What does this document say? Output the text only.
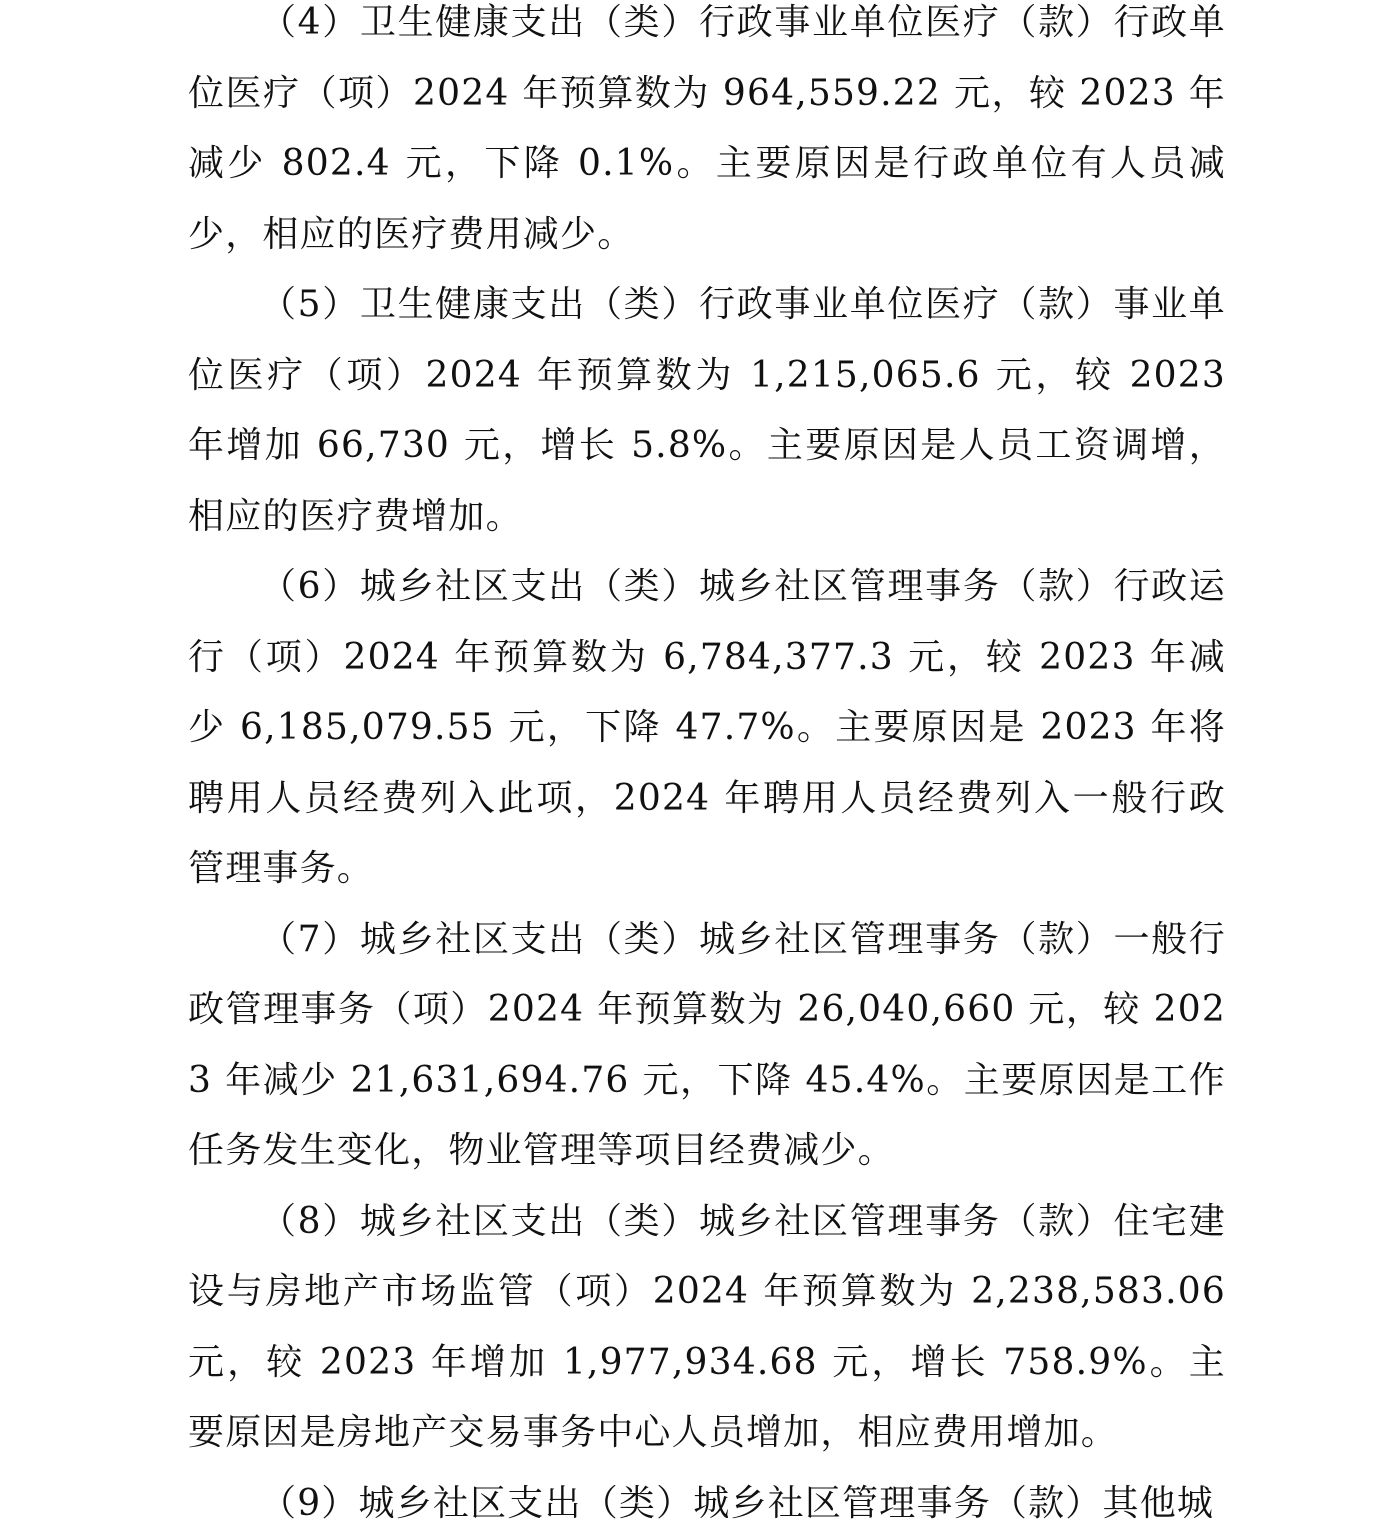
（4）卫生健康支出（类）行政事业单位医疗（款）行政单位医疗（项）2024 年预算数为 964,559.22 元，较 2023 年减少 802.4 元，下降 0.1%。主要原因是行政单位有人员减少，相应的医疗费用减少。

（5）卫生健康支出（类）行政事业单位医疗（款）事业单位医疗（项）2024 年预算数为 1,215,065.6 元，较 2023 年增加 66,730 元，增长 5.8%。主要原因是人员工资调增，相应的医疗费增加。

（6）城乡社区支出（类）城乡社区管理事务（款）行政运行（项）2024 年预算数为 6,784,377.3 元，较 2023 年减少 6,185,079.55 元，下降 47.7%。主要原因是 2023 年将聘用人员经费列入此项，2024 年聘用人员经费列入一般行政管理事务。

（7）城乡社区支出（类）城乡社区管理事务（款）一般行政管理事务（项）2024 年预算数为 26,040,660 元，较 2023 年减少 21,631,694.76 元，下降 45.4%。主要原因是工作任务发生变化，物业管理等项目经费减少。

（8）城乡社区支出（类）城乡社区管理事务（款）住宅建设与房地产市场监管（项）2024 年预算数为 2,238,583.06 元，较 2023 年增加 1,977,934.68 元，增长 758.9%。主要原因是房地产交易事务中心人员增加，相应费用增加。

（9）城乡社区支出（类）城乡社区管理事务（款）其他城
